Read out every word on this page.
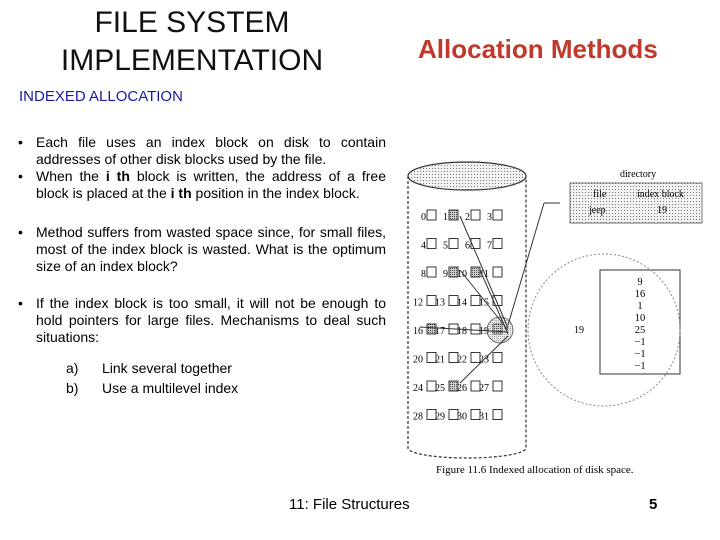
FILE SYSTEM
IMPLEMENTATION	Allocation Methods
INDEXED ALLOCATION
• Each file uses an index block on disk to contain addresses of other disk blocks used by the file.
• When the i th block is written, the address of a free block is placed at the i th position in the index block.
• Method suffers from wasted space since, for small files, most of the index block is wasted. What is the optimum size of an index block?
• If the index block is too small, it will not be enough to hold pointers for large files. Mechanisms to deal such situations:
a)	Link several together
b)	Use a multilevel index
0 1 2 3
4 5 6 7
8 9 10 11
12 13 14 15
16 17 18 19
20 21 22 23
24 25 26 27
28 29 30 31
directory
file	index block
jeep	19
9
16
1
10
25
−1
−1
−1
19
Figure 11.6 Indexed allocation of disk space.
11: File Structures	5
